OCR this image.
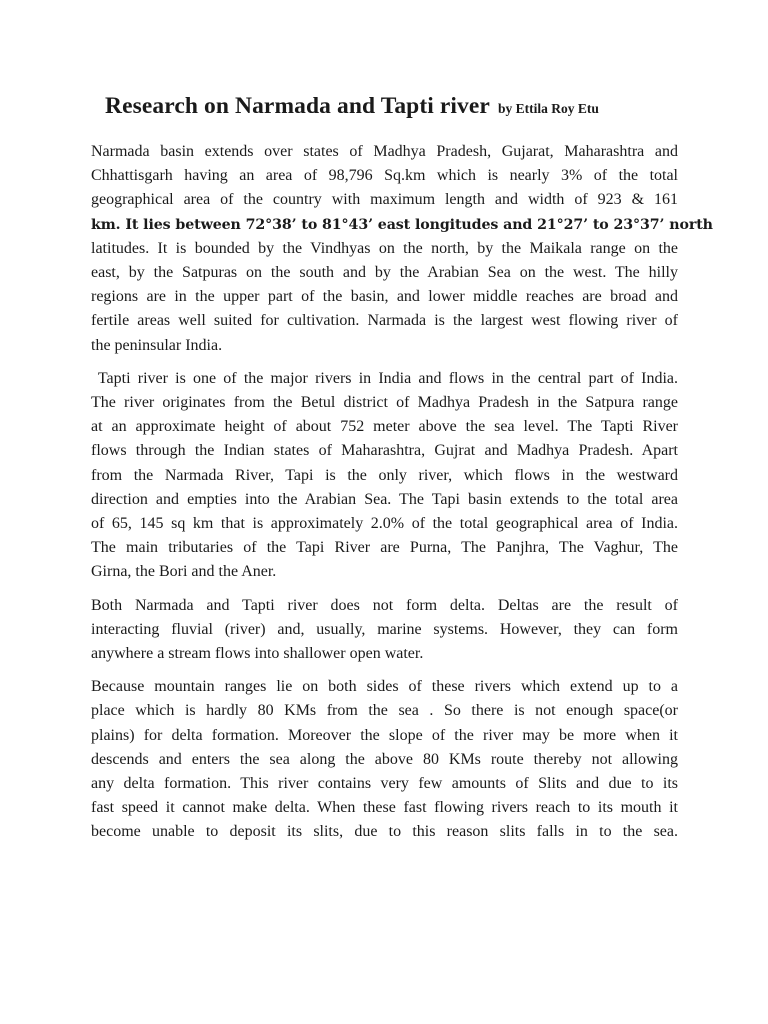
Research on Narmada and Tapti river by Ettila Roy Etu

Narmada basin extends over states of Madhya Pradesh, Gujarat, Maharashtra and
Chhattisgarh having an area of 98,796 Sq.km which is nearly 3% of the total
geographical area of the country with maximum length and width of 923 & 161
km. It lies between 72°38’ to 81°43’ east longitudes and 21°27’ to 23°37’ north
latitudes. It is bounded by the Vindhyas on the north, by the Maikala range on the
east, by the Satpuras on the south and by the Arabian Sea on the west. The hilly
regions are in the upper part of the basin, and lower middle reaches are broad and
fertile areas well suited for cultivation. Narmada is the largest west flowing river of
the peninsular India.

Tapti river is one of the major rivers in India and flows in the central part of India.
The river originates from the Betul district of Madhya Pradesh in the Satpura range
at an approximate height of about 752 meter above the sea level. The Tapti River
flows through the Indian states of Maharashtra, Gujrat and Madhya Pradesh. Apart
from the Narmada River, Tapi is the only river, which flows in the westward
direction and empties into the Arabian Sea. The Tapi basin extends to the total area
of 65, 145 sq km that is approximately 2.0% of the total geographical area of India.
The main tributaries of the Tapi River are Purna, The Panjhra, The Vaghur, The
Girna, the Bori and the Aner.

Both Narmada and Tapti river does not form delta. Deltas are the result of
interacting fluvial (river) and, usually, marine systems. However, they can form
anywhere a stream flows into shallower open water.

Because mountain ranges lie on both sides of these rivers which extend up to a
place which is hardly 80 KMs from the sea . So there is not enough space(or
plains) for delta formation. Moreover the slope of the river may be more when it
descends and enters the sea along the above 80 KMs route thereby not allowing
any delta formation. This river contains very few amounts of Slits and due to its
fast speed it cannot make delta. When these fast flowing rivers reach to its mouth it
become unable to deposit its slits, due to this reason slits falls in to the sea.
